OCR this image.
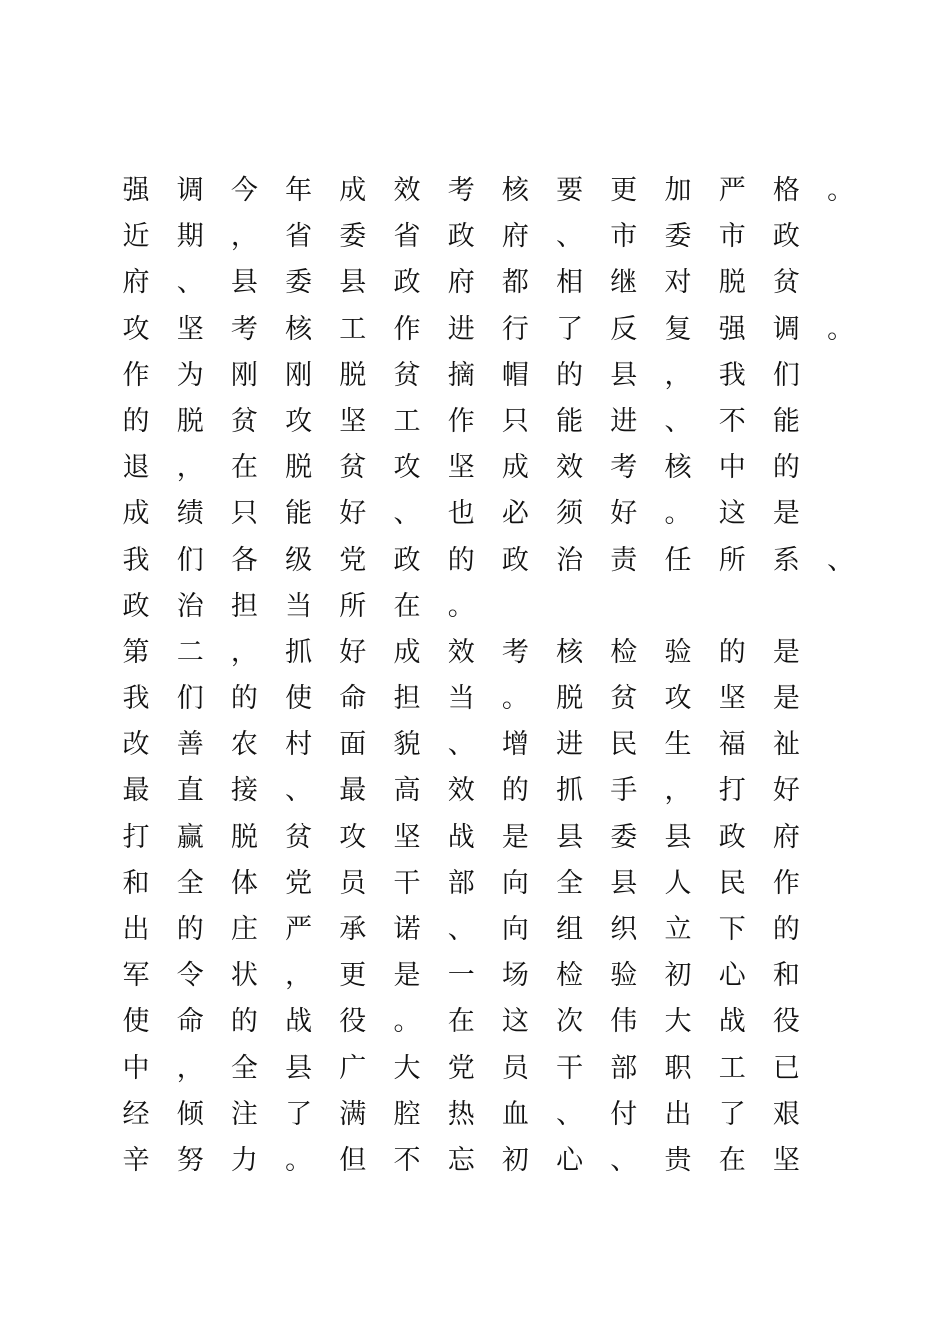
强	调	今	年	成	效	考	核	要	更	加	严	格	。
近	期	，	省	委	省	政	府	、	市	委	市	政
府	、	县	委	县	政	府	都	相	继	对	脱	贫
攻	坚	考	核	工	作	进	行	了	反	复	强	调	。
作	为	刚	刚	脱	贫	摘	帽	的	县	，	我	们
的	脱	贫	攻	坚	工	作	只	能	进	、	不	能
退	，	在	脱	贫	攻	坚	成	效	考	核	中	的
成	绩	只	能	好	、	也	必	须	好	。	这	是
我	们	各	级	党	政	的	政	治	责	任	所	系	、
政	治	担	当	所	在	。
第	二	，	抓	好	成	效	考	核	检	验	的	是
我	们	的	使	命	担	当	。	脱	贫	攻	坚	是
改	善	农	村	面	貌	、	增	进	民	生	福	祉
最	直	接	、	最	高	效	的	抓	手	，	打	好
打	赢	脱	贫	攻	坚	战	是	县	委	县	政	府
和	全	体	党	员	干	部	向	全	县	人	民	作
出	的	庄	严	承	诺	、	向	组	织	立	下	的
军	令	状	，	更	是	一	场	检	验	初	心	和
使	命	的	战	役	。	在	这	次	伟	大	战	役
中	，	全	县	广	大	党	员	干	部	职	工	已
经	倾	注	了	满	腔	热	血	、	付	出	了	艰
辛	努	力	。	但	不	忘	初	心	、	贵	在	坚
